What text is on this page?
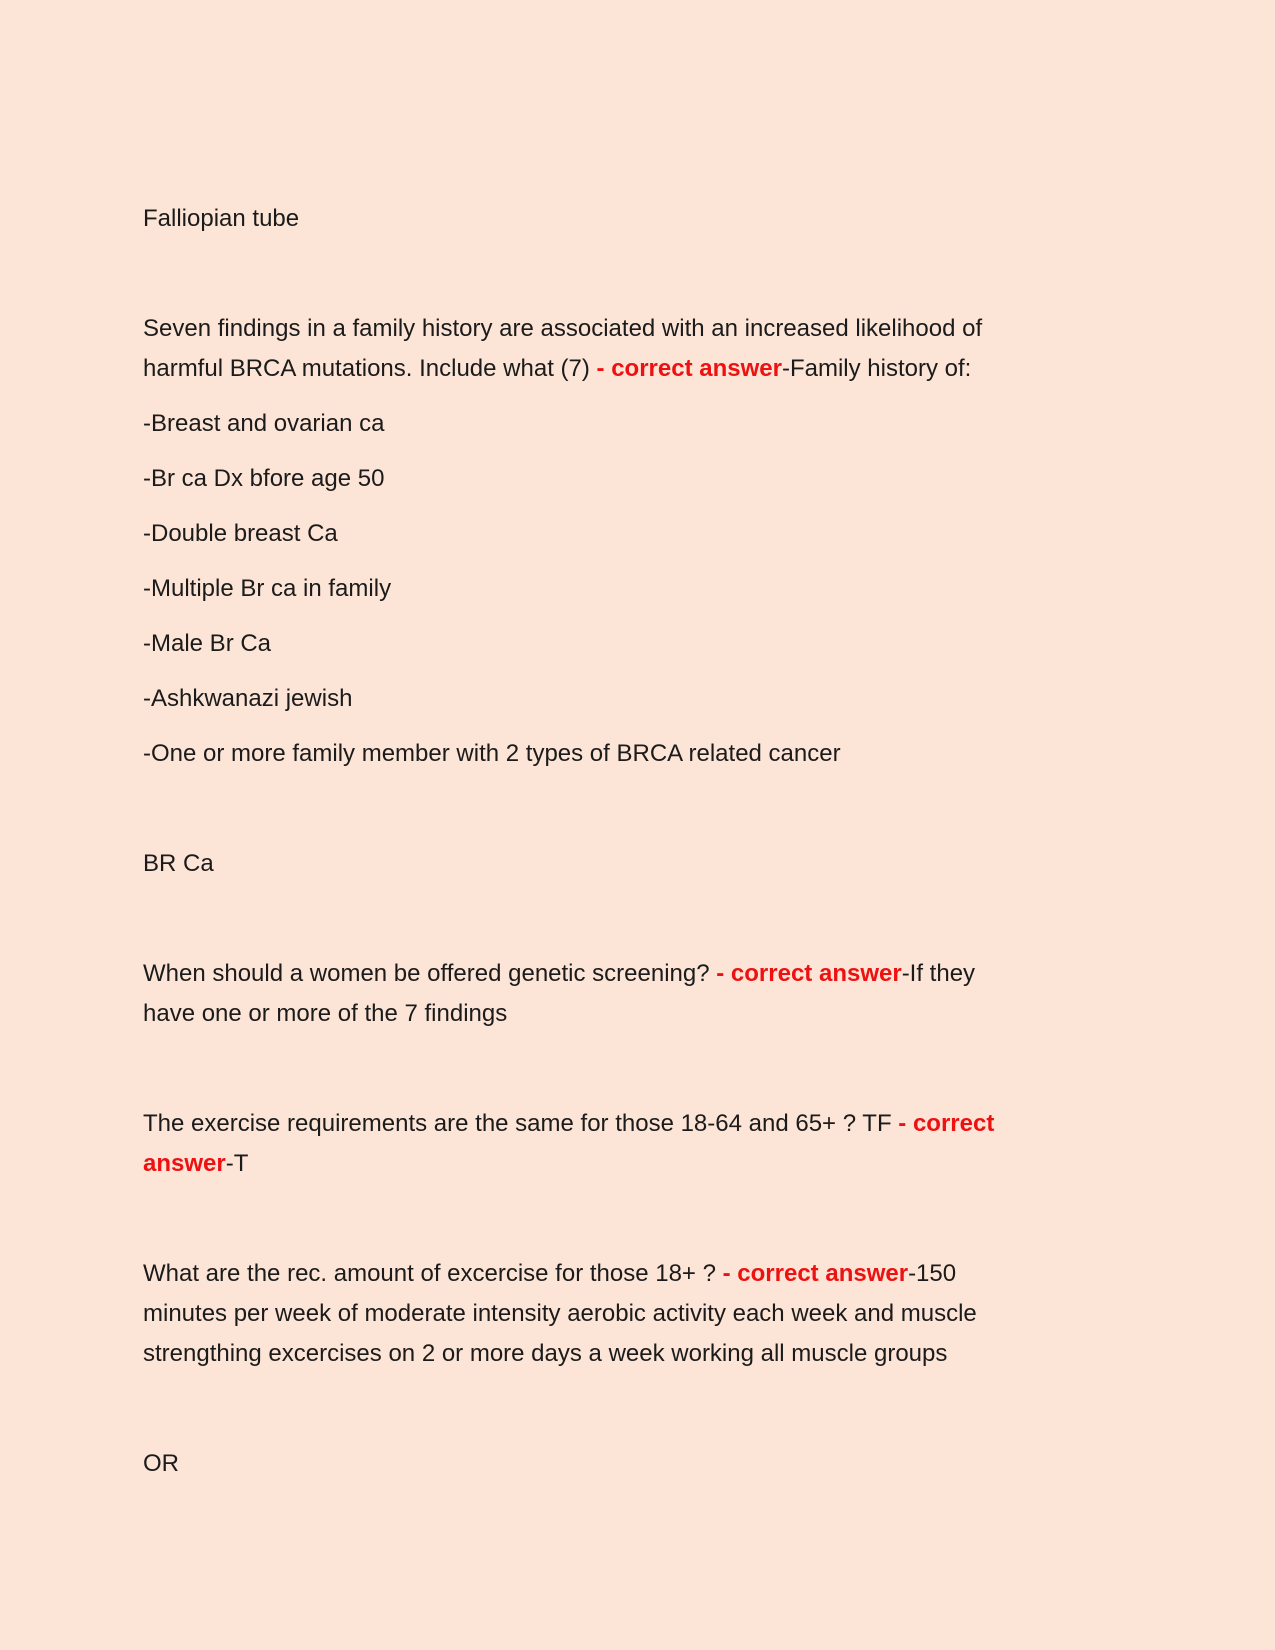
Falliopian tube
Seven findings in a family history are associated with an increased likelihood of
harmful BRCA mutations. Include what (7) - correct answer-Family history of:
-Breast and ovarian ca
-Br ca Dx bfore age 50
-Double breast Ca
-Multiple Br ca in family
-Male Br Ca
-Ashkwanazi jewish
-One or more family member with 2 types of BRCA related cancer
BR Ca
When should a women be offered genetic screening? - correct answer-If they
have one or more of the 7 findings
The exercise requirements are the same for those 18-64 and 65+ ? TF - correct
answer-T
What are the rec. amount of excercise for those 18+ ? - correct answer-150
minutes per week of moderate intensity aerobic activity each week and muscle
strengthing excercises on 2 or more days a week working all muscle groups
OR
